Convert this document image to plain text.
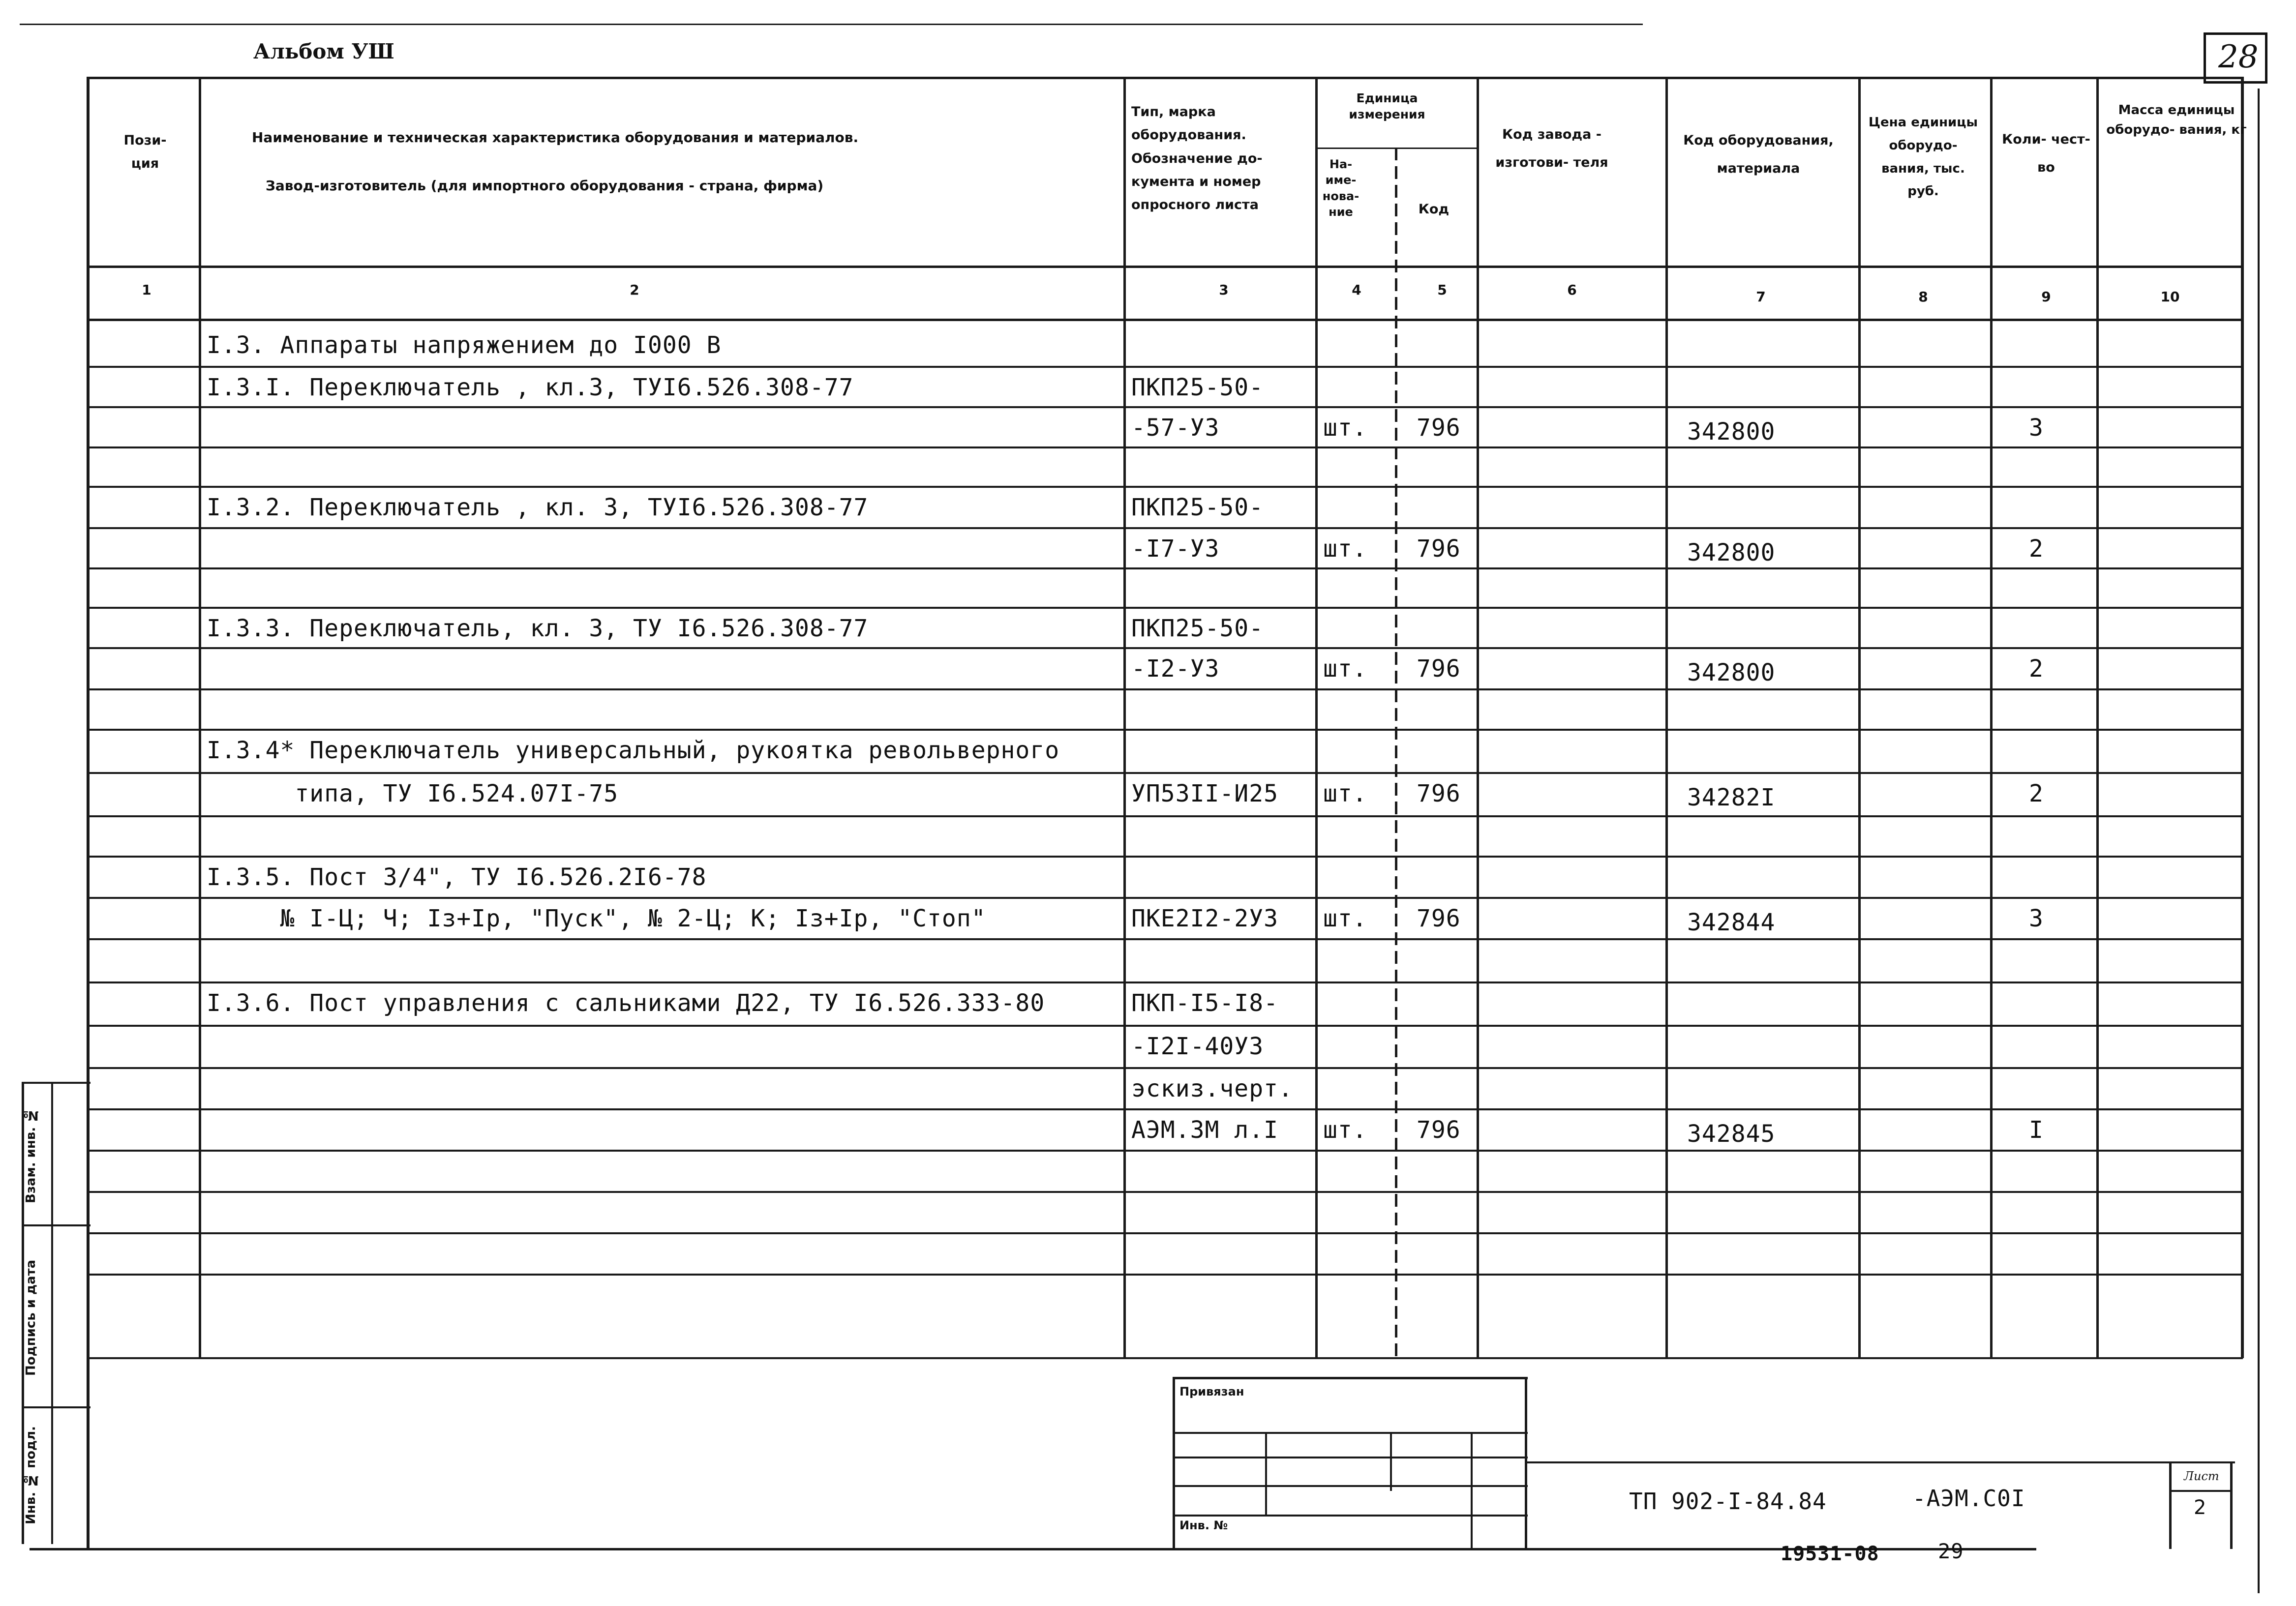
Альбом УШ	28
Пози- ция
Наименование и техническая характеристика оборудования и материалов.
Завод-изготовитель (для импортного оборудования - страна, фирма)
Тип, марка оборудования. Обозначение до- кумента и номер опросного листа
Единица измерения
На- име- нова- ние	Код
Код завода - изготови- теля
Код оборудования, материала
Цена единицы оборудо- вания, тыс. руб.
Коли- чест- во
Масса единицы оборудо- вания, кг
1	2	3	4	5	6	7	8	9	10
I.3. Аппараты напряжением до I000 В
I.3.I. Переключатель , кл.3, ТУI6.526.308-77	ПКП25-50-
-57-УЗ	шт. 796	342800	3
I.3.2. Переключатель , кл. 3, ТУI6.526.308-77	ПКП25-50-
-I7-УЗ	шт. 796	342800	2
I.3.3. Переключатель, кл. 3, ТУ I6.526.308-77	ПКП25-50-
-I2-УЗ	шт. 796	342800	2
I.3.4* Переключатель универсальный, рукоятка револьверного
типа, ТУ I6.524.07I-75	УП53II-И25 шт. 796	34282I	2
I.3.5. Пост 3/4", ТУ I6.526.2I6-78
№ I-Ц; Ч; Iз+Iр, "Пуск", № 2-Ц; К; Iз+Iр, "Стоп"	ПКЕ2I2-2УЗ шт. 796	342844	3
I.3.6. Пост управления с сальниками Д22, ТУ I6.526.333-80	ПКП-I5-I8-
-I2I-40УЗ
эскиз.черт.
АЭМ.ЗМ л.I шт. 796	342845	I
Взам. инв. №
Подпись и дата
Инв. № подл.
Привязан
Инв. №
ТП 902-I-84.84	-АЭМ.С0I
Лист
2
19531-08	29
